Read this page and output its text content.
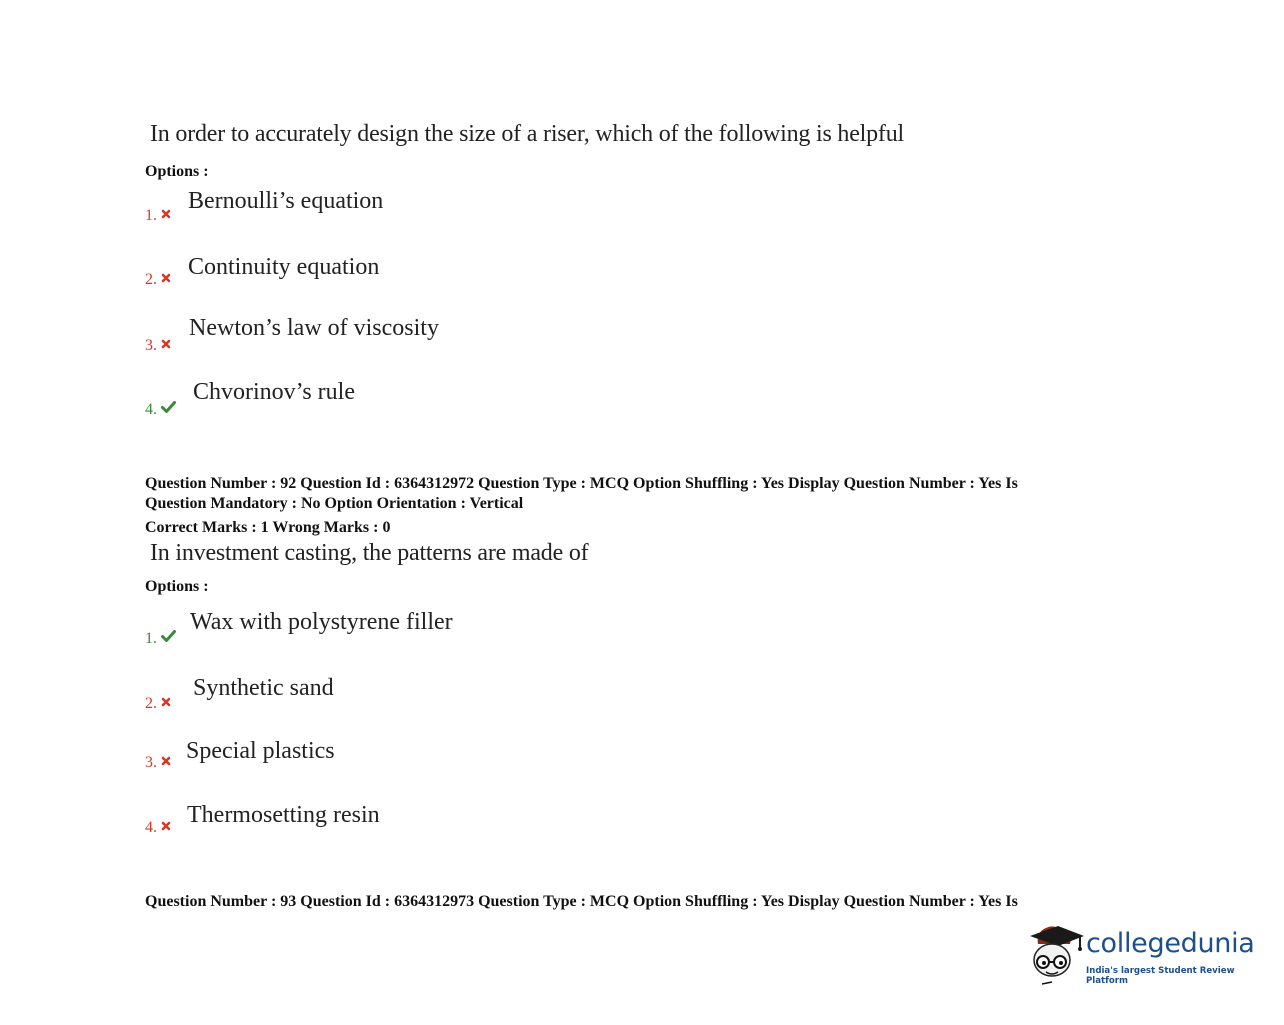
In order to accurately design the size of a riser, which of the following is helpful
Options :
1.
Bernoulli’s equation
2.	Continuity equation
3.
Newton’s law of viscosity
4.
Chvorinov’s rule
Question Number : 92 Question Id : 6364312972 Question Type : MCQ Option Shuffling : Yes Display Question Number : Yes Is
Question Mandatory : No Option Orientation : Vertical
Correct Marks : 1 Wrong Marks : 0
In investment casting, the patterns are made of
Options :
1.
Wax with polystyrene filler
2.
Synthetic sand
3.	Special plastics
4.	Thermosetting resin
Question Number : 93 Question Id : 6364312973 Question Type : MCQ Option Shuffling : Yes Display Question Number : Yes Is
collegedunia
India's largest Student Review Platform
